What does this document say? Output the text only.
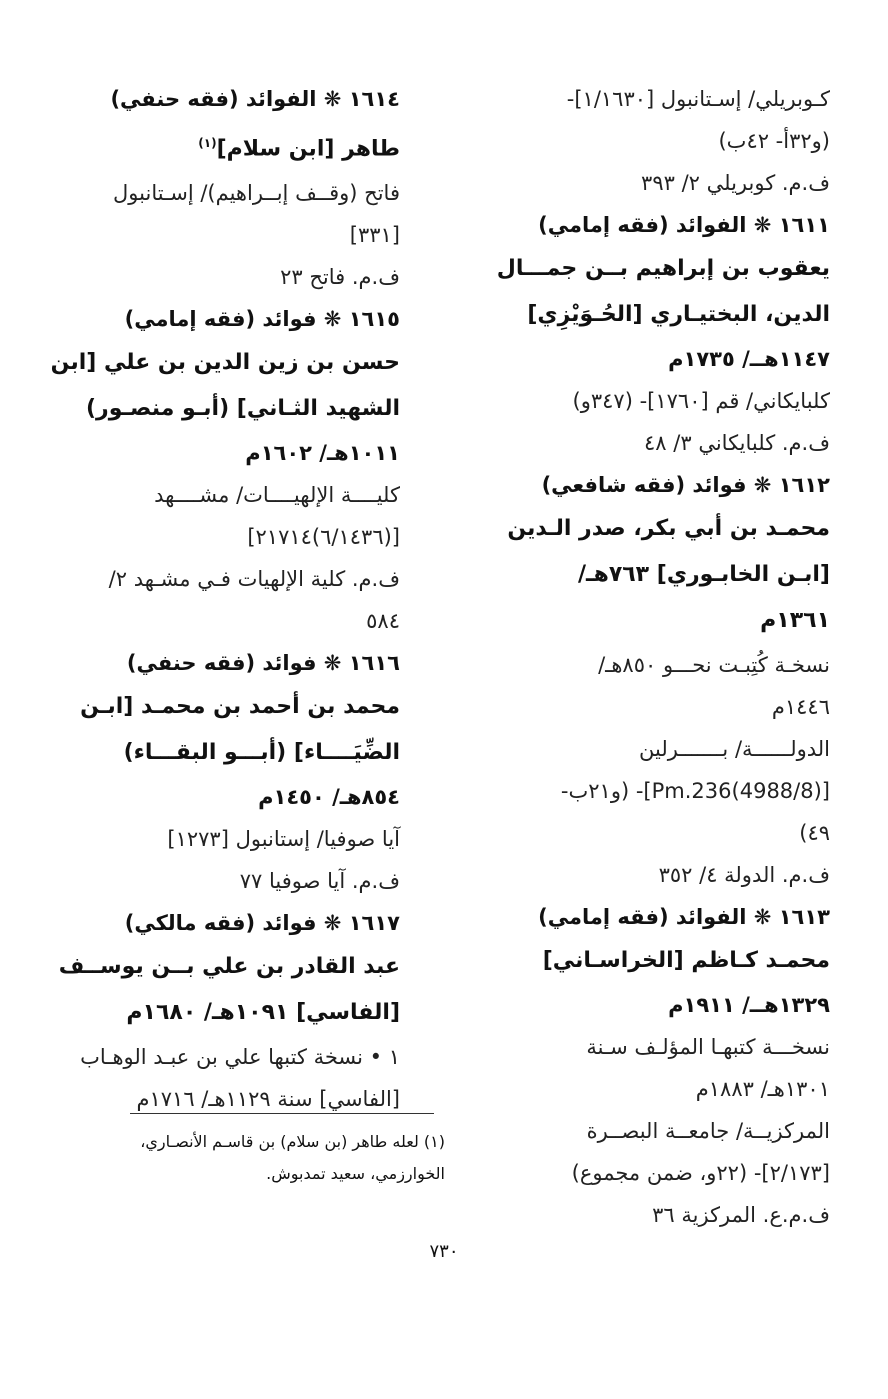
كـوبريلي/ إسـتانبول [١/١٦٣٠]-
(و٣٢أ- ٤٢ب)
ف.م. كوبريلي ٢/ ٣٩٣
١٦١١ ❋ الفوائد (فقه إمامي)
يعقوب بن إبراهيم بــن جمـــال
الدين، البختيـاري [الحُـوَيْزِي]
١١٤٧هــ/ ١٧٣٥م
كلبايكاني/ قم [١٧٦٠]- (٣٤٧و)
ف.م. كلبايكاني ٣/ ٤٨
١٦١٢ ❋ فوائد (فقه شافعي)
محمـد بن أبي بكر، صدر الـدين
[ابـن الخابـوري] ٧٦٣هـ/
١٣٦١م
نسخـة كُتِبـت نحـــو ٨٥٠هـ/
١٤٤٦م
الدولــــــة/ بـــــــرلين
[(4988/8)Pm.236]- (و٢١ب-
٤٩)
ف.م. الدولة ٤/ ٣٥٢
١٦١٣ ❋ الفوائد (فقه إمامي)
محمـد كـاظم [الخراسـاني]
١٣٢٩هــ/ ١٩١١م
نسخـــة كتبهـا المؤلـف سـنة
١٣٠١هـ/ ١٨٨٣م
المركزيــة/ جامعــة البصــرة
[٢/١٧٣]- (٢٢و، ضمن مجموع)
ف.م.ع. المركزية ٣٦
١٦١٤ ❋ الفوائد (فقه حنفي)
طاهر [ابن سلام]$^{(١)}$
فاتح (وقــف إبــراهيم)/ إسـتانبول
[٣٣١]
ف.م. فاتح ٢٣
١٦١٥ ❋ فوائد (فقه إمامي)
حسن بن زين الدين بن علي [ابن
الشهيد الثـاني] (أبـو منصـور)
١٠١١هـ/ ١٦٠٢م
كليــــة الإلهيــــات/ مشــــهد
[(٦/١٤٣٦)٢١٧١٤]
ف.م. كلية الإلهيات فـي مشـهد ٢/
٥٨٤
١٦١٦ ❋ فوائد (فقه حنفي)
محمد بن أحمد بن محمـد [ابـن
الضِّيَــــاء] (أبـــو البقـــاء)
٨٥٤هـ/ ١٤٥٠م
آيا صوفيا/ إستانبول [١٢٧٣]
ف.م. آيا صوفيا ٧٧
١٦١٧ ❋ فوائد (فقه مالكي)
عبد القادر بن علي بــن يوســف
[الفاسي] ١٠٩١هـ/ ١٦٨٠م
١ • نسخة كتبها علي بن عبـد الوهـاب
[الفاسي] سنة ١١٢٩هـ/ ١٧١٦م
(١) لعله طاهر (بن سلام) بن قاسـم الأنصـاري،
الخوارزمي، سعيد تمدبوش.
٧٣٠
